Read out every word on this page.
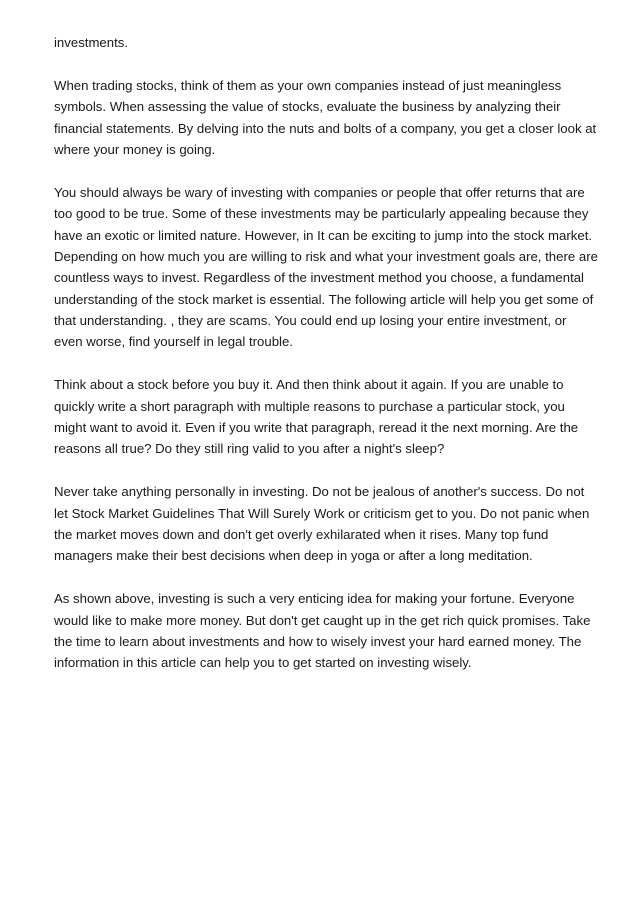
investments.
When trading stocks, think of them as your own companies instead of just meaningless
symbols. When assessing the value of stocks, evaluate the business by analyzing their
financial statements. By delving into the nuts and bolts of a company, you get a closer look at
where your money is going.
You should always be wary of investing with companies or people that offer returns that are
too good to be true. Some of these investments may be particularly appealing because they
have an exotic or limited nature. However, in It can be exciting to jump into the stock market.
Depending on how much you are willing to risk and what your investment goals are, there are
countless ways to invest. Regardless of the investment method you choose, a fundamental
understanding of the stock market is essential. The following article will help you get some of
that understanding. , they are scams. You could end up losing your entire investment, or
even worse, find yourself in legal trouble.
Think about a stock before you buy it. And then think about it again. If you are unable to
quickly write a short paragraph with multiple reasons to purchase a particular stock, you
might want to avoid it. Even if you write that paragraph, reread it the next morning. Are the
reasons all true? Do they still ring valid to you after a night's sleep?
Never take anything personally in investing. Do not be jealous of another's success. Do not
let Stock Market Guidelines That Will Surely Work or criticism get to you. Do not panic when
the market moves down and don't get overly exhilarated when it rises. Many top fund
managers make their best decisions when deep in yoga or after a long meditation.
As shown above, investing is such a very enticing idea for making your fortune. Everyone
would like to make more money. But don't get caught up in the get rich quick promises. Take
the time to learn about investments and how to wisely invest your hard earned money. The
information in this article can help you to get started on investing wisely.
